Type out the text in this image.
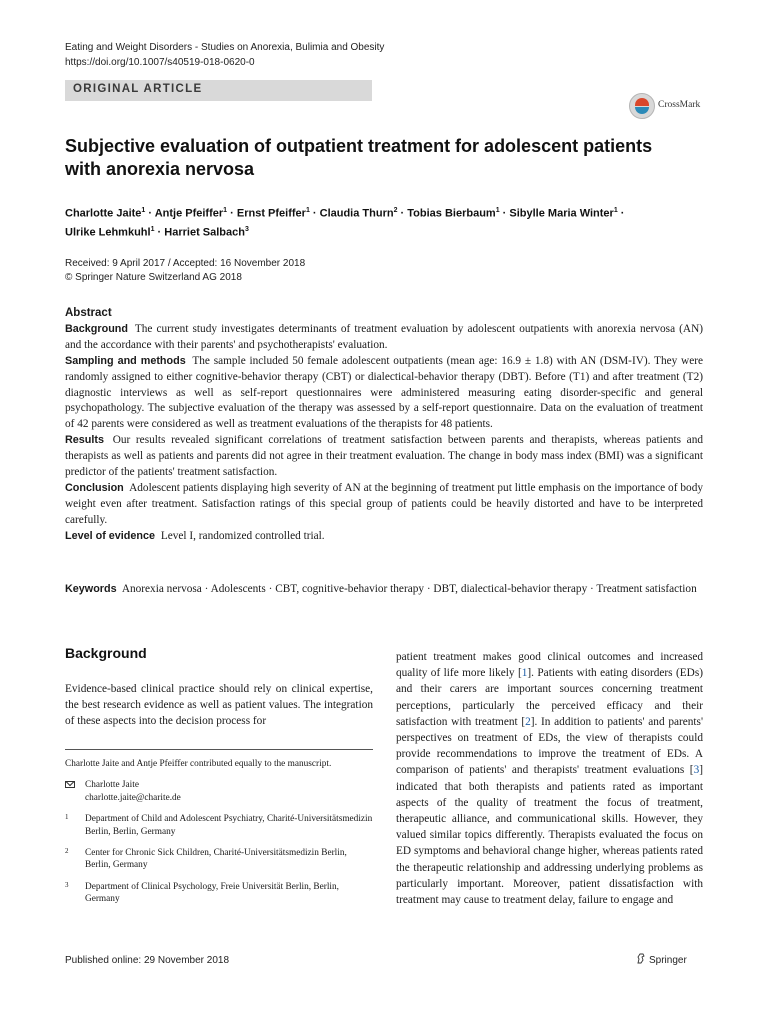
Eating and Weight Disorders - Studies on Anorexia, Bulimia and Obesity
https://doi.org/10.1007/s40519-018-0620-0
ORIGINAL ARTICLE
CrossMark
Subjective evaluation of outpatient treatment for adolescent patients
with anorexia nervosa
Charlotte Jaite$^1$ · Antje Pfeiffer$^1$ · Ernst Pfeiffer$^1$ · Claudia Thurn$^2$ · Tobias Bierbaum$^1$ · Sibylle Maria Winter$^1$ ·
Ulrike Lehmkuhl$^1$ · Harriet Salbach$^3$
Received: 9 April 2017 / Accepted: 16 November 2018
© Springer Nature Switzerland AG 2018
Abstract

Background The current study investigates determinants of treatment evaluation by adolescent outpatients with anorexia nervosa (AN) and the accordance with their parents' and psychotherapists' evaluation.

Sampling and methods The sample included 50 female adolescent outpatients (mean age: 16.9 ± 1.8) with AN (DSM-IV). They were randomly assigned to either cognitive-behavior therapy (CBT) or dialectical-behavior therapy (DBT). Before (T1) and after treatment (T2) diagnostic interviews as well as self-report questionnaires were administered measuring eating disorder-specific and general psychopathology. The subjective evaluation of the therapy was assessed by a self-report questionnaire. Data on the evaluation of treatment of 42 parents were considered as well as treatment evaluations of the therapists for 48 patients.

Results Our results revealed significant correlations of treatment satisfaction between parents and therapists, whereas patients and therapists as well as patients and parents did not agree in their treatment evaluation. The change in body mass index (BMI) was a significant predictor of the patients' treatment satisfaction.

Conclusion Adolescent patients displaying high severity of AN at the beginning of treatment put little emphasis on the importance of body weight even after treatment. Satisfaction ratings of this special group of patients could be heavily distorted and have to be interpreted carefully.

Level of evidence Level I, randomized controlled trial.

Keywords Anorexia nervosa · Adolescents · CBT, cognitive-behavior therapy · DBT, dialectical-behavior therapy · Treatment satisfaction
Background
Evidence-based clinical practice should rely on clinical expertise, the best research evidence as well as patient values. The integration of these aspects into the decision process for
Charlotte Jaite and Antje Pfeiffer contributed equally to the manuscript.
Charlotte Jaite
charlotte.jaite@charite.de
1 Department of Child and Adolescent Psychiatry, Charité-Universitätsmedizin Berlin, Berlin, Germany
2 Center for Chronic Sick Children, Charité-Universitätsmedizin Berlin, Berlin, Germany
3 Department of Clinical Psychology, Freie Universität Berlin, Berlin, Germany
patient treatment makes good clinical outcomes and increased quality of life more likely [1]. Patients with eating disorders (EDs) and their carers are important sources concerning treatment perceptions, particularly the perceived efficacy and their satisfaction with treatment [2]. In addition to patients' and parents' perspectives on treatment of EDs, the view of therapists could provide recommendations to improve the treatment of EDs. A comparison of patients' and therapists' treatment evaluations [3] indicated that both therapists and patients rated as important aspects of the quality of treatment the focus of treatment, therapeutic alliance, and communicational skills. However, they valued similar topics differently. Therapists evaluated the focus on ED symptoms and behavioral change higher, whereas patients rated the therapeutic relationship and addressing underlying problems as particularly important. Moreover, patient dissatisfaction with treatment may cause to treatment delay, failure to engage and
Published online: 29 November 2018	Springer
